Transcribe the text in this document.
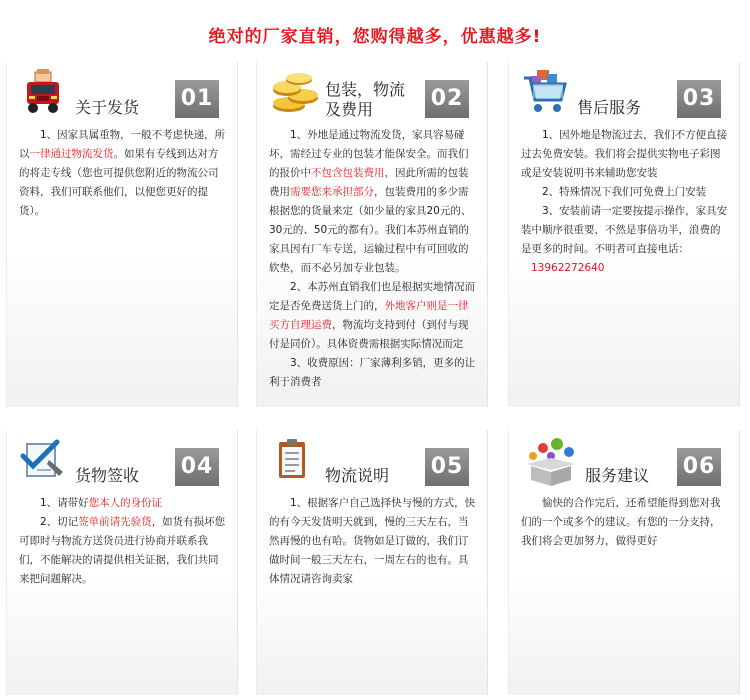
绝对的厂家直销，您购得越多，优惠越多!
关于发货 01

1、因家具属重物，一般不考虑快递，所以一律通过物流发货。如果有专线到达对方的将走专线（您也可提供您附近的物流公司资料，我们可联系他们，以便您更好的提货）。

包装，物流
及费用	02

1、外地是通过物流发货，家具容易碰坏，需经过专业的包装才能保安全。而我们的报价中不包含包装费用，因此所需的包装费用需要您来承担部分，包装费用的多少需根据您的货量来定（如少量的家具20元的、30元的、50元的都有）。我们本苏州直销的家具因有厂车专送，运输过程中有可回收的软垫，而不必另加专业包装。

2、本苏州直销我们也是根据实地情况而定是否免费送货上门的，外地客户则是一律买方自理运费，物流均支持到付（到付与现付是同价）。具体资费需根据实际情况而定

3、收费原因：厂家薄利多销，更多的让利于消费者

售后服务 03

1、因外地是物流过去，我们不方便直接过去免费安装。我们将会提供实物电子彩图或是安装说明书来辅助您安装

2、特殊情况下我们可免费上门安装

3、安装前请一定要按提示操作，家具安装中顺序很重要，不然是事倍功半，浪费的是更多的时间。不明者可直接电话：

13962272640

货物签收 04

1、请带好您本人的身份证

2、切记签单前请先验货，如货有损坏您可即时与物流方送货员进行协商并联系我们，不能解决的请提供相关证据，我们共同来把问题解决。

物流说明 05

1、根据客户自己选择快与慢的方式，快的有今天发货明天就到，慢的三天左右，当然再慢的也有哈。货物如是订做的，我们订做时间一般三天左右，一周左右的也有。具体情况请咨询卖家

服务建议 06

愉快的合作完后，还希望能得到您对我们的一个或多个的建议。有您的一分支持，我们将会更加努力，做得更好
